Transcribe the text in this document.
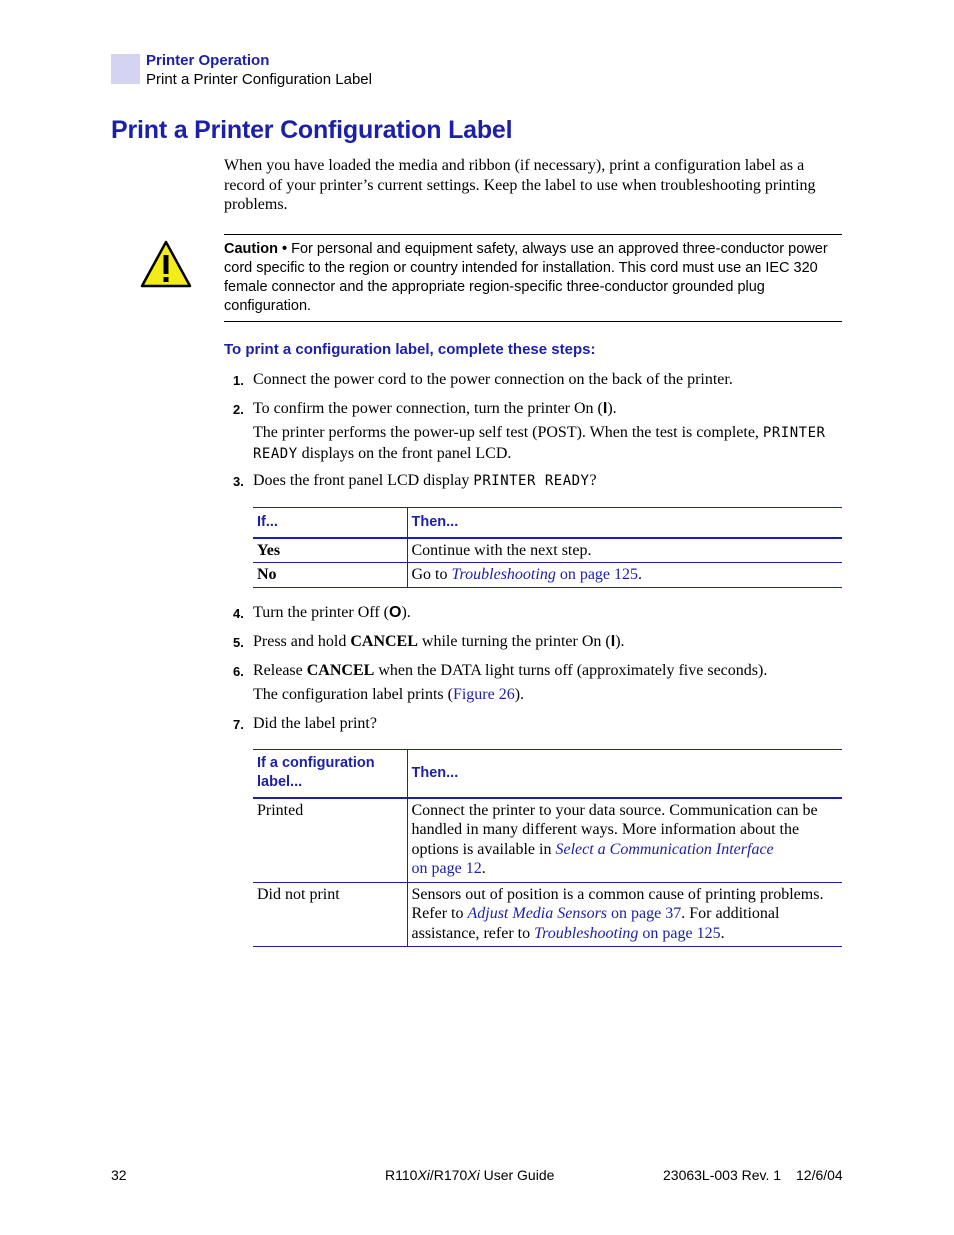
Printer Operation
Print a Printer Configuration Label
Print a Printer Configuration Label
When you have loaded the media and ribbon (if necessary), print a configuration label as a record of your printer’s current settings. Keep the label to use when troubleshooting printing problems.
Caution • For personal and equipment safety, always use an approved three-conductor power cord specific to the region or country intended for installation. This cord must use an IEC 320 female connector and the appropriate region-specific three-conductor grounded plug configuration.
To print a configuration label, complete these steps:
1. Connect the power cord to the power connection on the back of the printer.
2. To confirm the power connection, turn the printer On (I).
The printer performs the power-up self test (POST). When the test is complete, PRINTER READY displays on the front panel LCD.
3. Does the front panel LCD display PRINTER READY?
If...	Then...
Yes	Continue with the next step.
No	Go to Troubleshooting on page 125.
4. Turn the printer Off (O).
5. Press and hold CANCEL while turning the printer On (I).
6. Release CANCEL when the DATA light turns off (approximately five seconds).
The configuration label prints (Figure 26).
7. Did the label print?
If a configuration label...	Then...
Printed	Connect the printer to your data source. Communication can be handled in many different ways. More information about the options is available in Select a Communication Interface
on page 12.
Did not print	Sensors out of position is a common cause of printing problems. Refer to Adjust Media Sensors on page 37. For additional assistance, refer to Troubleshooting on page 125.
32	R110Xi/R170Xi User Guide	23063L-003 Rev. 1 12/6/04
